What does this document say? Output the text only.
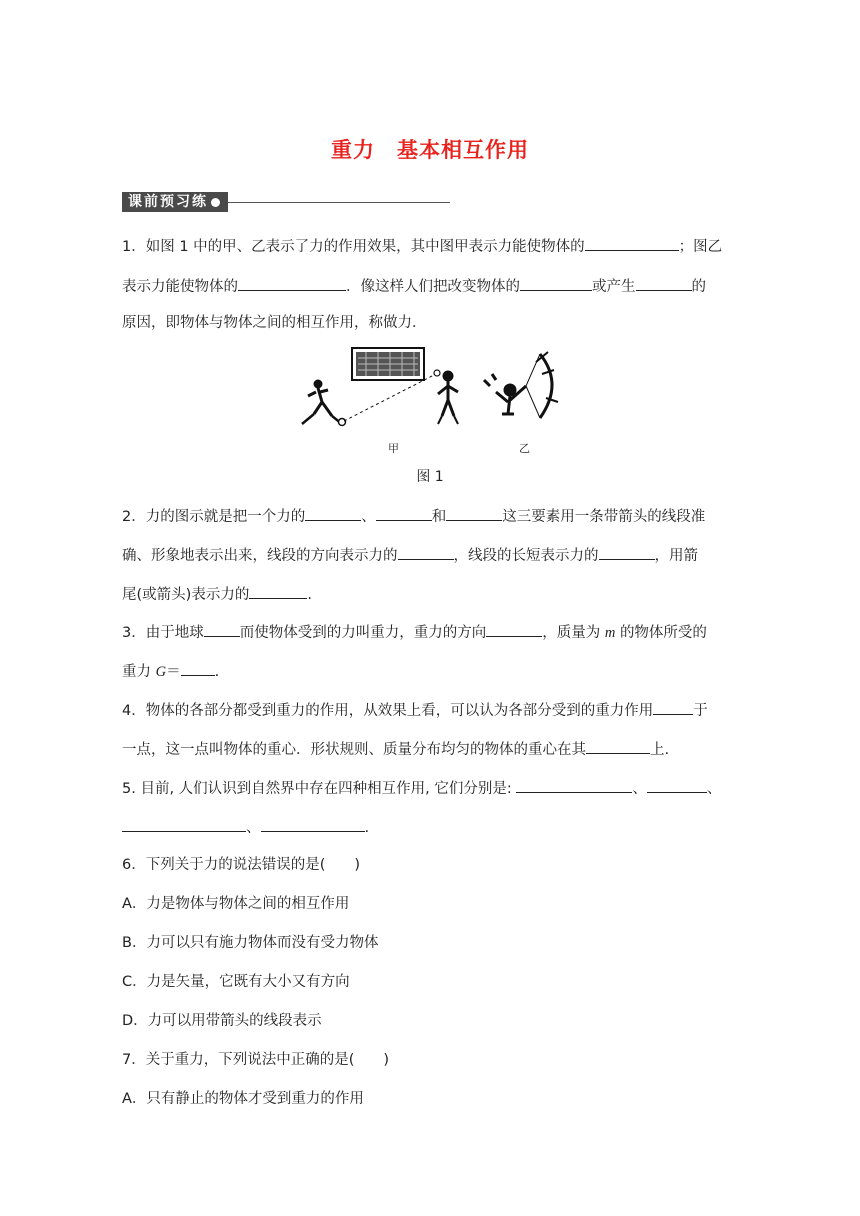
重力 基本相互作用
课前预习练
1．如图 1 中的甲、乙表示了力的作用效果，其中图甲表示力能使物体的	；图乙
表示力能使物体的	．像这样人们把改变物体的	或产生	的
原因，即物体与物体之间的相互作用，称做力．
甲	乙
图 1
2．力的图示就是把一个力的	、	和	这三要素用一条带箭头的线段准
确、形象地表示出来，线段的方向表示力的	，线段的长短表示力的	，用箭
尾(或箭头)表示力的	.
3．由于地球 而使物体受到的力叫重力，重力的方向	，质量为 m 的物体所受的
重力 G＝ .
4．物体的各部分都受到重力的作用，从效果上看，可以认为各部分受到的重力作用	于
一点，这一点叫物体的重心．形状规则、质量分布均匀的物体的重心在其	上.
5. 目前, 人们认识到自然界中存在四种相互作用, 它们分别是:	、	、
、	.
6．下列关于力的说法错误的是(　　)
A．力是物体与物体之间的相互作用
B．力可以只有施力物体而没有受力物体
C．力是矢量，它既有大小又有方向
D．力可以用带箭头的线段表示
7．关于重力，下列说法中正确的是(　　)
A．只有静止的物体才受到重力的作用
